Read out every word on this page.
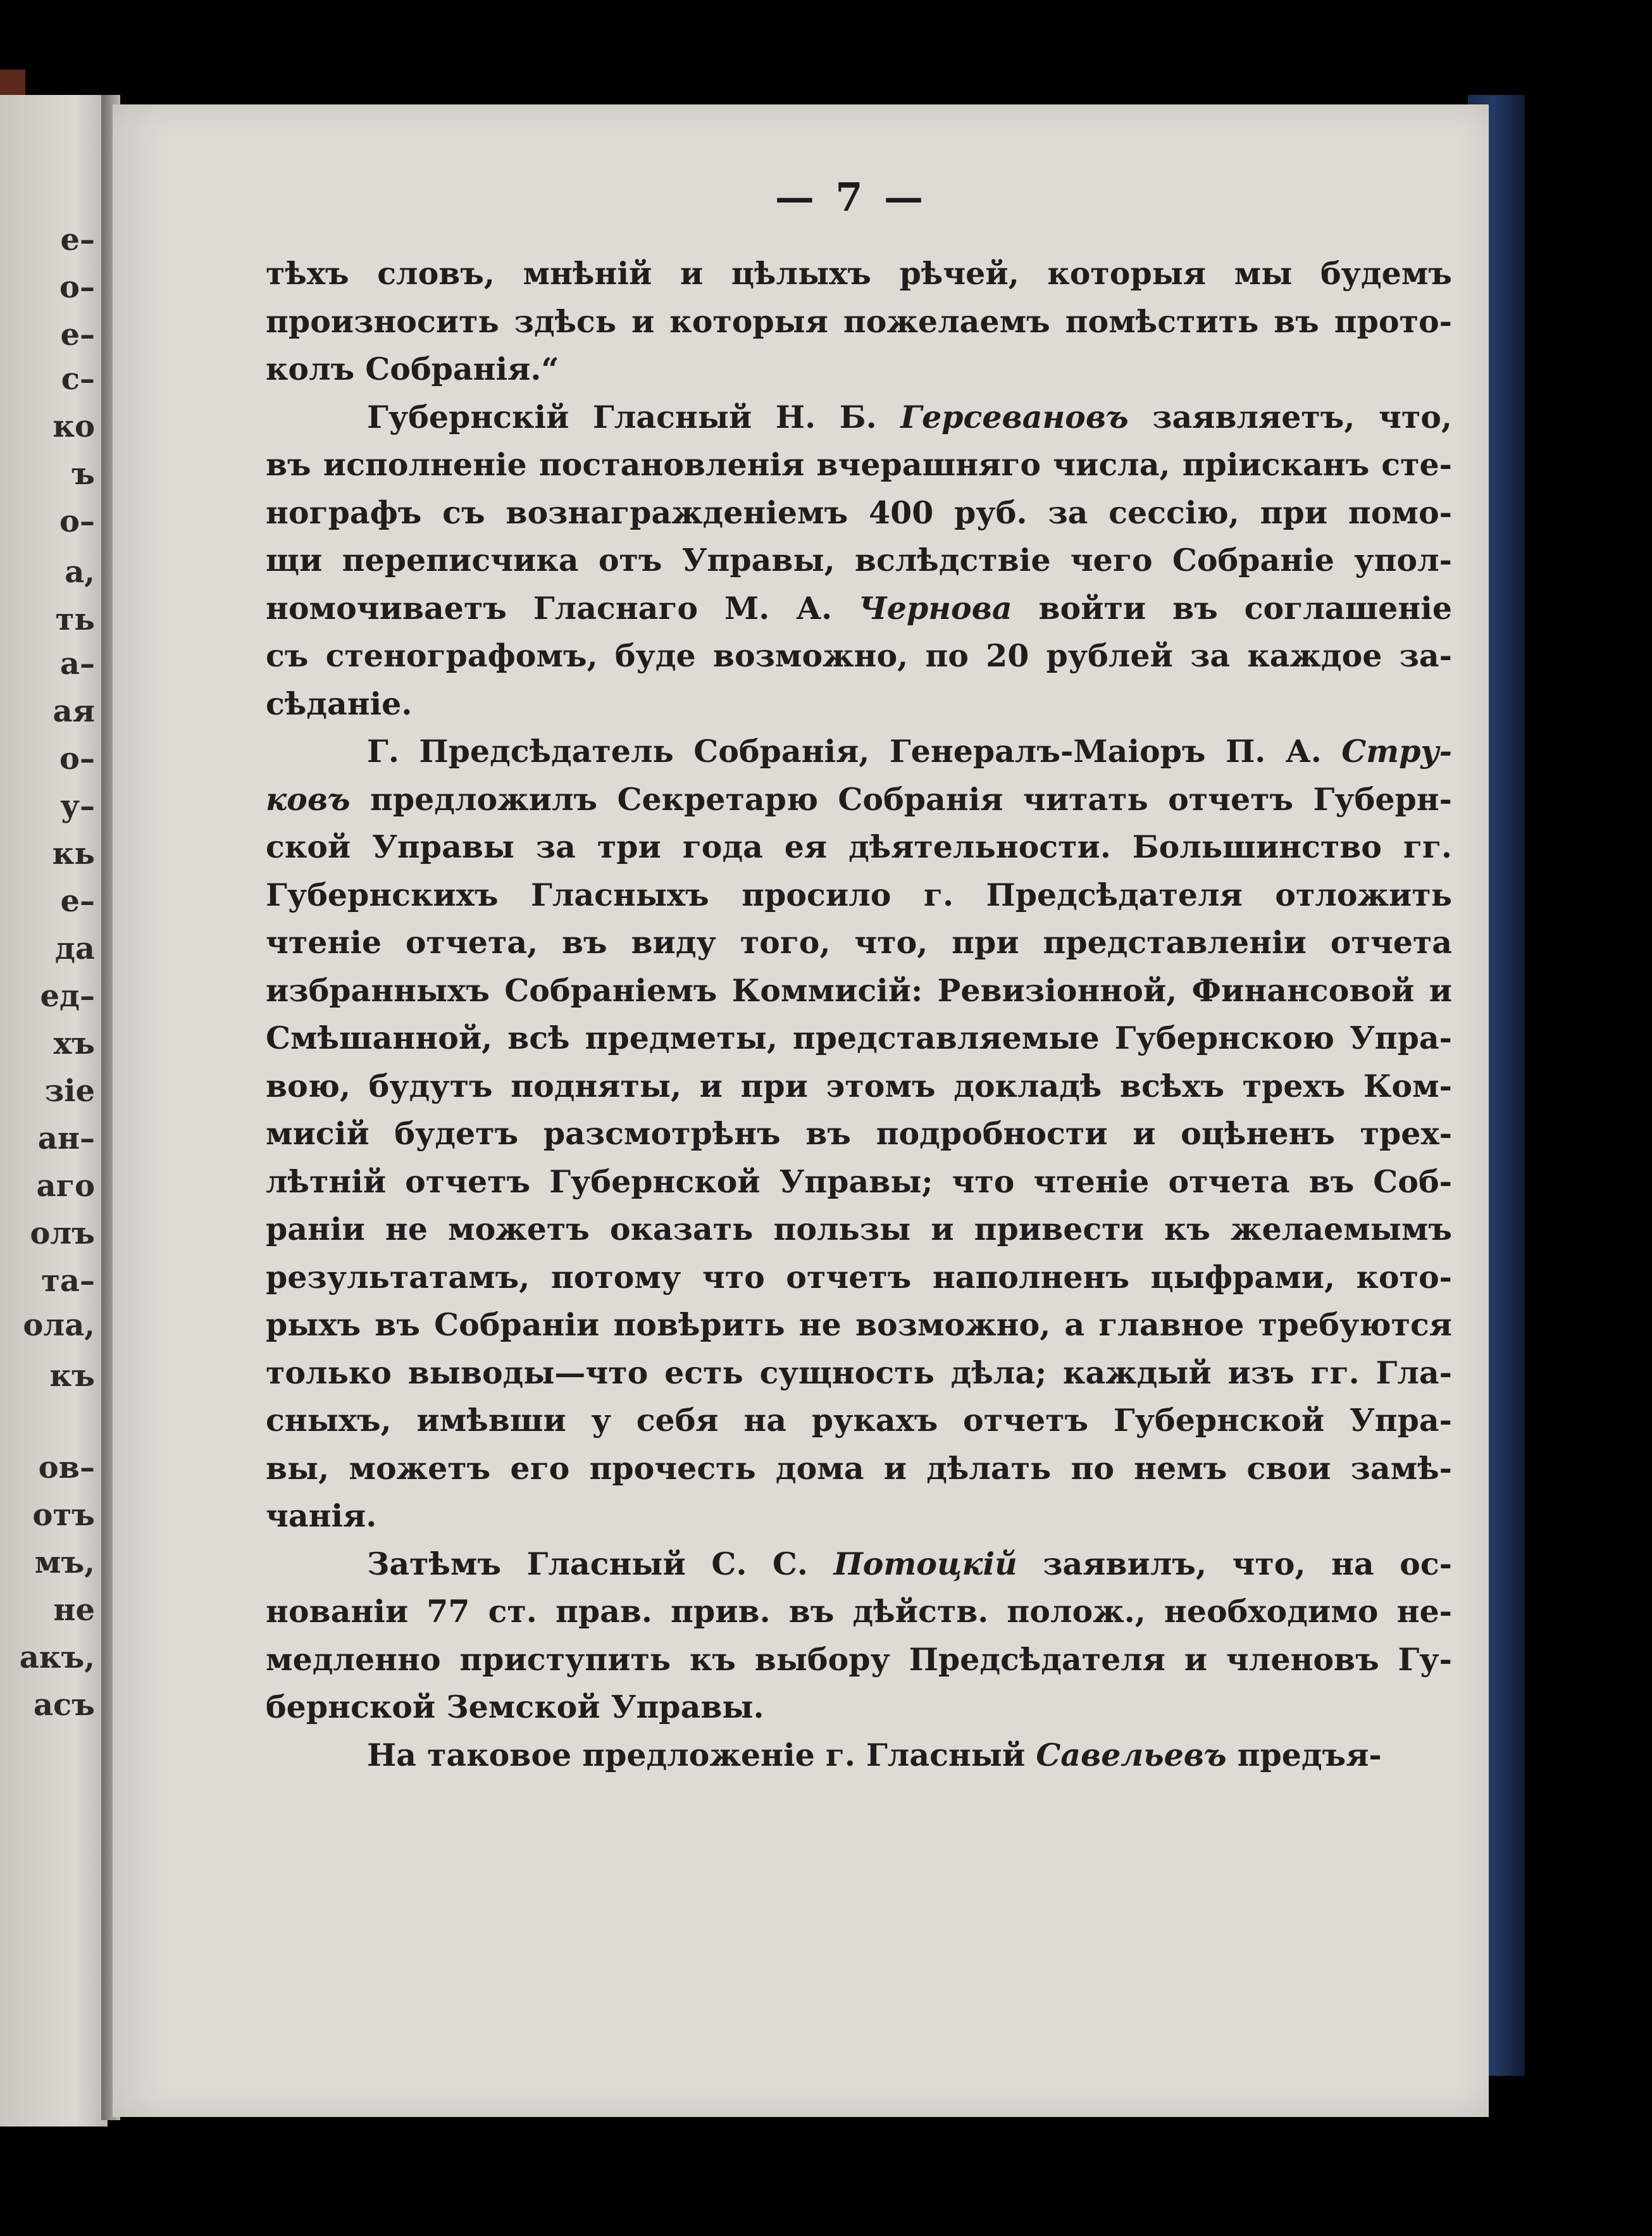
е–
о–
е–
с–
ко
ъ
о–
а,
ть
а–
ая
о–
у–
кь
е–
да
ед–
хъ
зiе
ан–
аго
олъ
та–
ола,
къ
ов–
отъ
мъ,
не
акъ,
асъ
— 7 —
тѣхъ словъ, мнѣнiй и цѣлыхъ рѣчей, которыя мы будемъ
произносить здѣсь и которыя пожелаемъ помѣстить въ прото-
колъ Собранiя.“
Губернскiй Гласный Н. Б. Герсевановъ заявляетъ, что,
въ исполненiе постановленiя вчерашняго числа, прiисканъ сте-
нографъ съ вознагражденiемъ 400 руб. за сессiю, при помо-
щи переписчика отъ Управы, вслѣдствiе чего Собранiе упол-
номочиваетъ Гласнаго М. А. Чернова войти въ соглашенiе
съ стенографомъ, буде возможно, по 20 рублей за каждое за-
сѣданiе.
Г. Предсѣдатель Собранiя, Генералъ-Маiоръ П. А. Стру-
ковъ предложилъ Секретарю Собранiя читать отчетъ Губерн-
ской Управы за три года ея дѣятельности. Большинство гг.
Губернскихъ Гласныхъ просило г. Предсѣдателя отложить
чтенiе отчета, въ виду того, что, при представленiи отчета
избранныхъ Собранiемъ Коммисiй: Ревизiонной, Финансовой и
Смѣшанной, всѣ предметы, представляемые Губернскою Упра-
вою, будутъ подняты, и при этомъ докладѣ всѣхъ трехъ Ком-
мисiй будетъ разсмотрѣнъ въ подробности и оцѣненъ трех-
лѣтнiй отчетъ Губернской Управы; что чтенiе отчета въ Соб-
ранiи не можетъ оказать пользы и привести къ желаемымъ
результатамъ, потому что отчетъ наполненъ цыфрами, кото-
рыхъ въ Собранiи повѣрить не возможно, а главное требуются
только выводы—что есть сущность дѣла; каждый изъ гг. Гла-
сныхъ, имѣвши у себя на рукахъ отчетъ Губернской Упра-
вы, можетъ его прочесть дома и дѣлать по немъ свои замѣ-
чанiя.
Затѣмъ Гласный С. С. Потоцкiй заявилъ, что, на ос-
нованiи 77 ст. прав. прив. въ дѣйств. полож., необходимо не-
медленно приступить къ выбору Предсѣдателя и членовъ Гу-
бернской Земской Управы.
На таковое предложенiе г. Гласный Савельевъ предъя-
